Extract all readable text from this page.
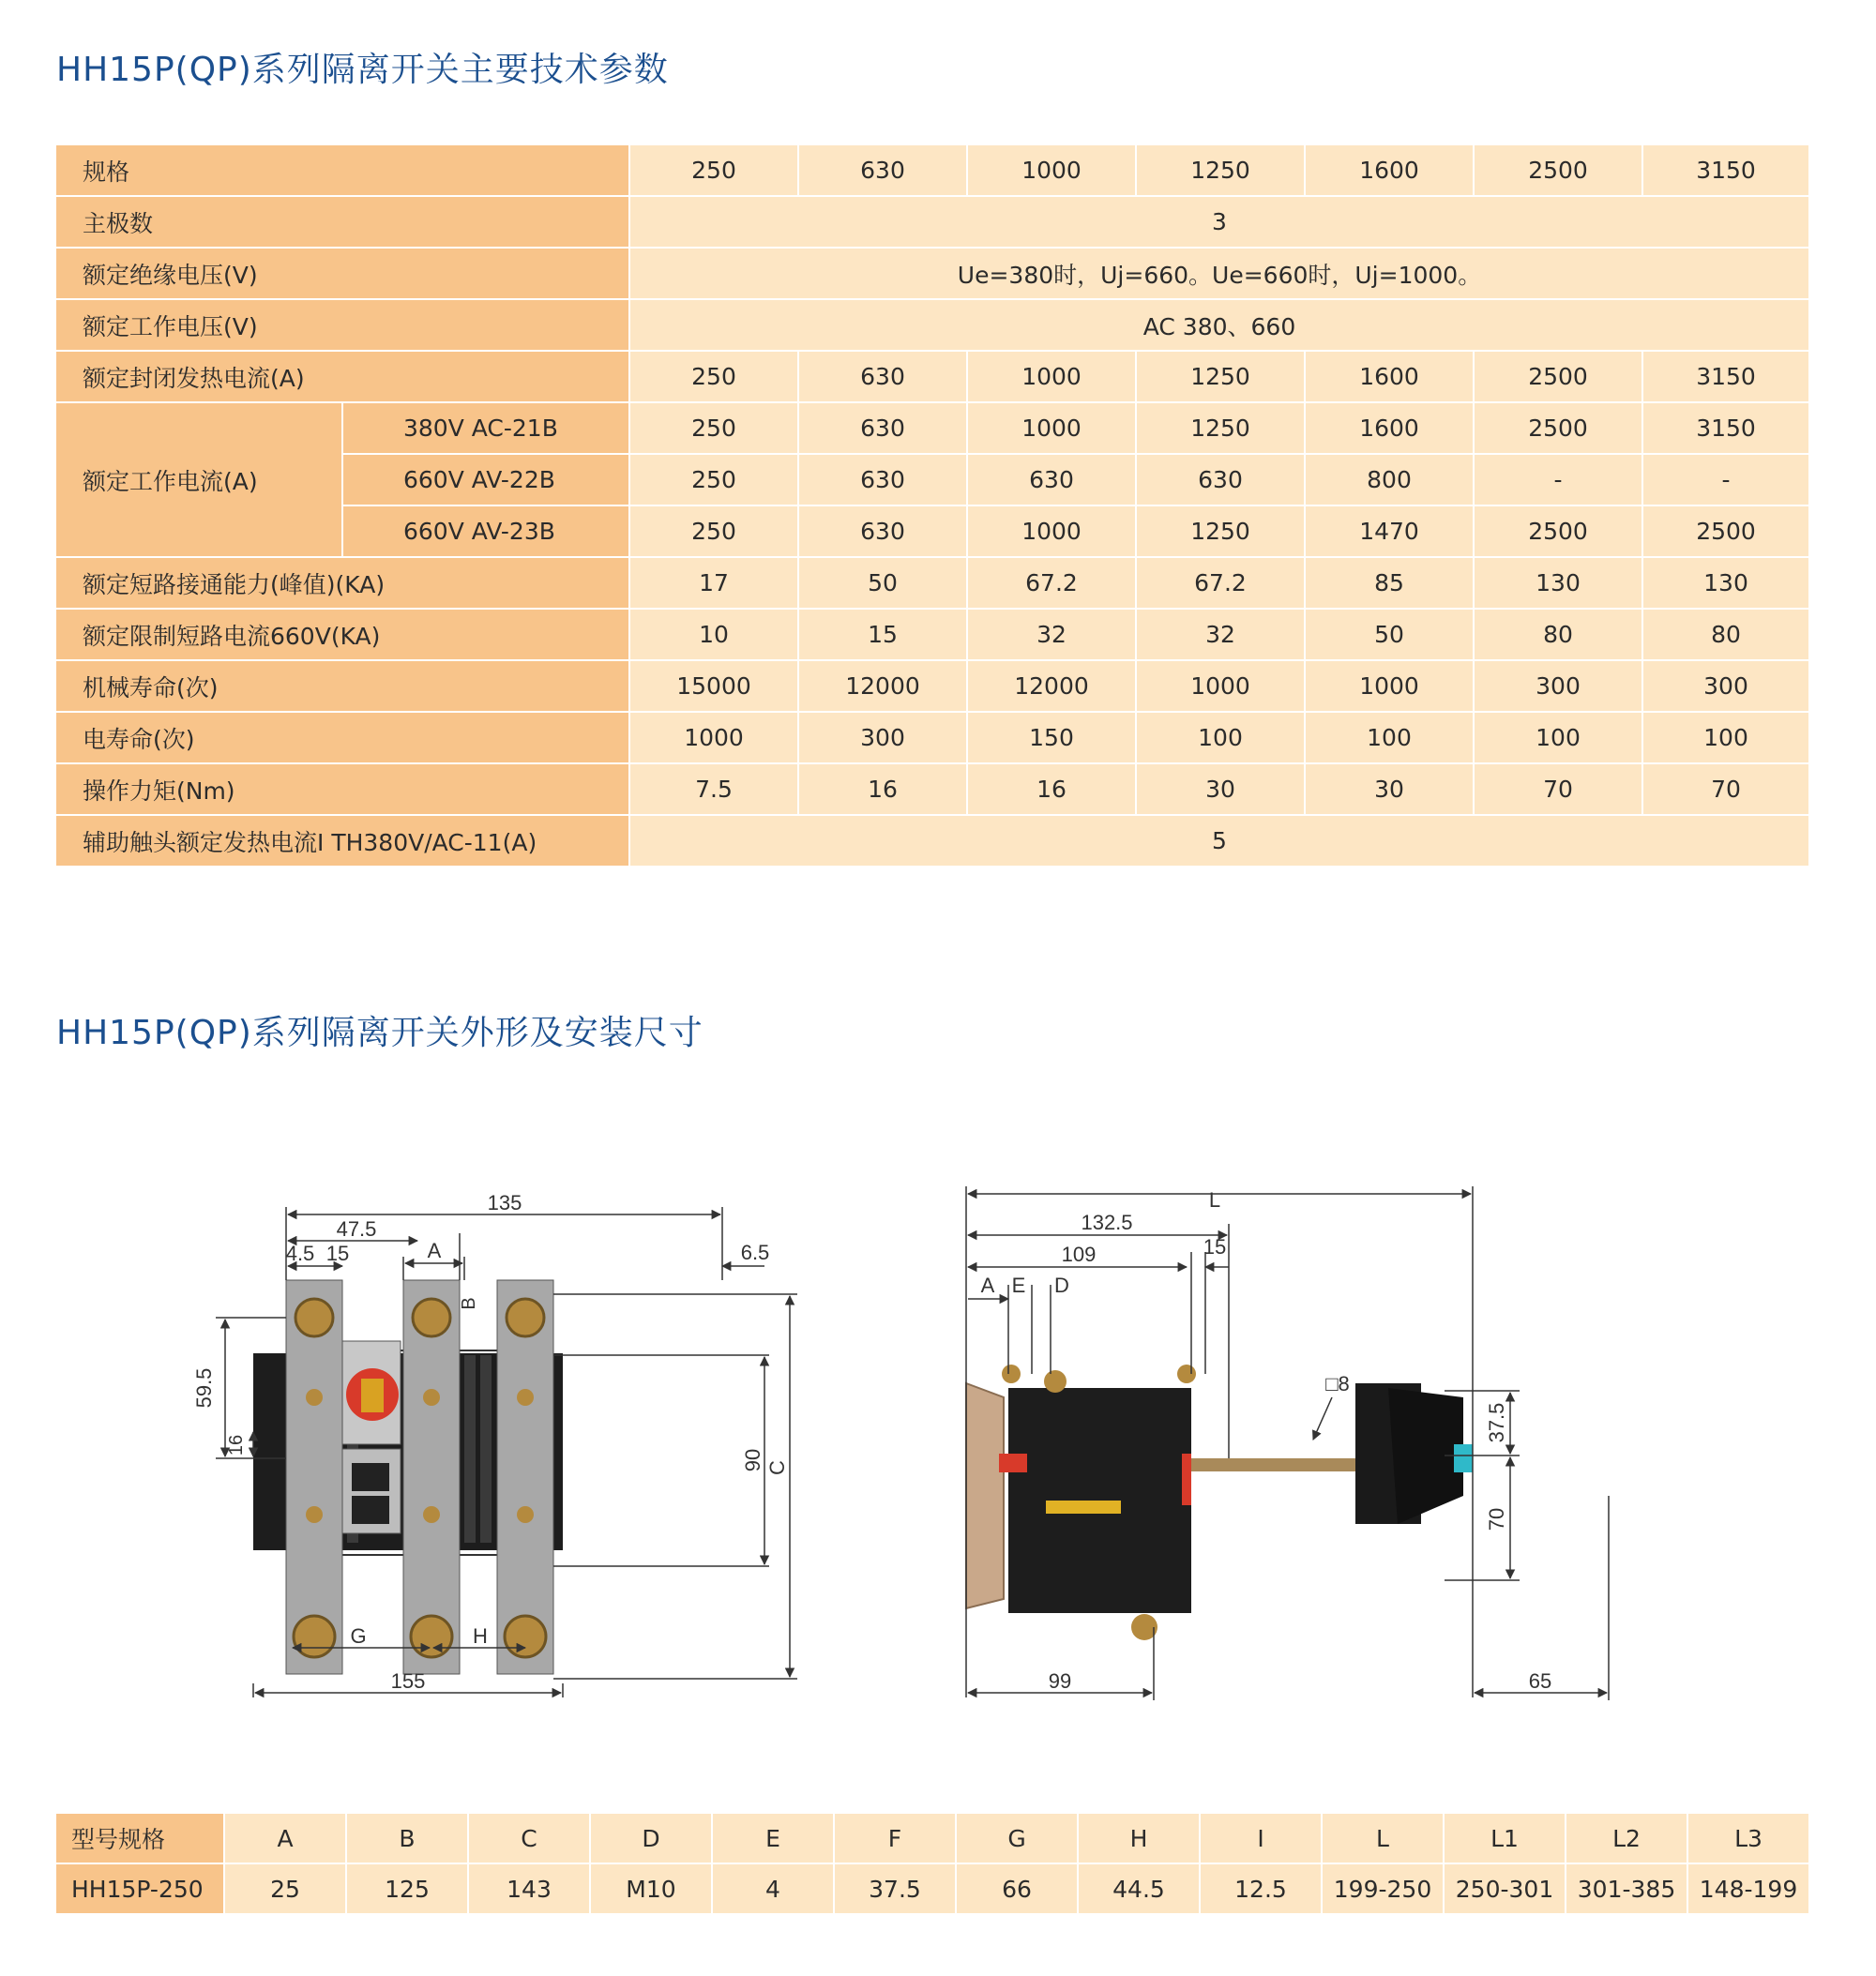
HH15P(QP)系列隔离开关主要技术参数
规格	250	630	1000	1250	1600	2500	3150
主极数	3
额定绝缘电压(V)	Ue=380时，Uj=660。Ue=660时，Uj=1000。
额定工作电压(V)	AC 380、660
额定封闭发热电流(A)	250	630	1000	1250	1600	2500	3150
额定工作电流(A)
380V AC-21B	250	630	1000	1250	1600	2500	3150
660V AV-22B	250	630	630	630	800	-	-
660V AV-23B	250	630	1000	1250	1470	2500	2500
额定短路接通能力(峰值)(KA)	17	50	67.2	67.2	85	130	130
额定限制短路电流660V(KA)	10	15	32	32	50	80	80
机械寿命(次)	15000	12000	12000	1000	1000	300	300
电寿命(次)	1000	300	150	100	100	100	100
操作力矩(Nm)	7.5	16	16	30	30	70	70
辅助触头额定发热电流I TH380V/AC-11(A)	5
HH15P(QP)系列隔离开关外形及安装尺寸
135
47.5
4.5 15	A	6.5
B
59.5
16
90 C
G	H
155
L
132.5
109	15
A E D
□8
37.5
70
99	65
型号规格	A	B	C	D	E	F	G	H	I	L	L1	L2	L3
HH15P-250	25	125	143	M10	4	37.5	66	44.5	12.5	199-250	250-301	301-385	148-199
